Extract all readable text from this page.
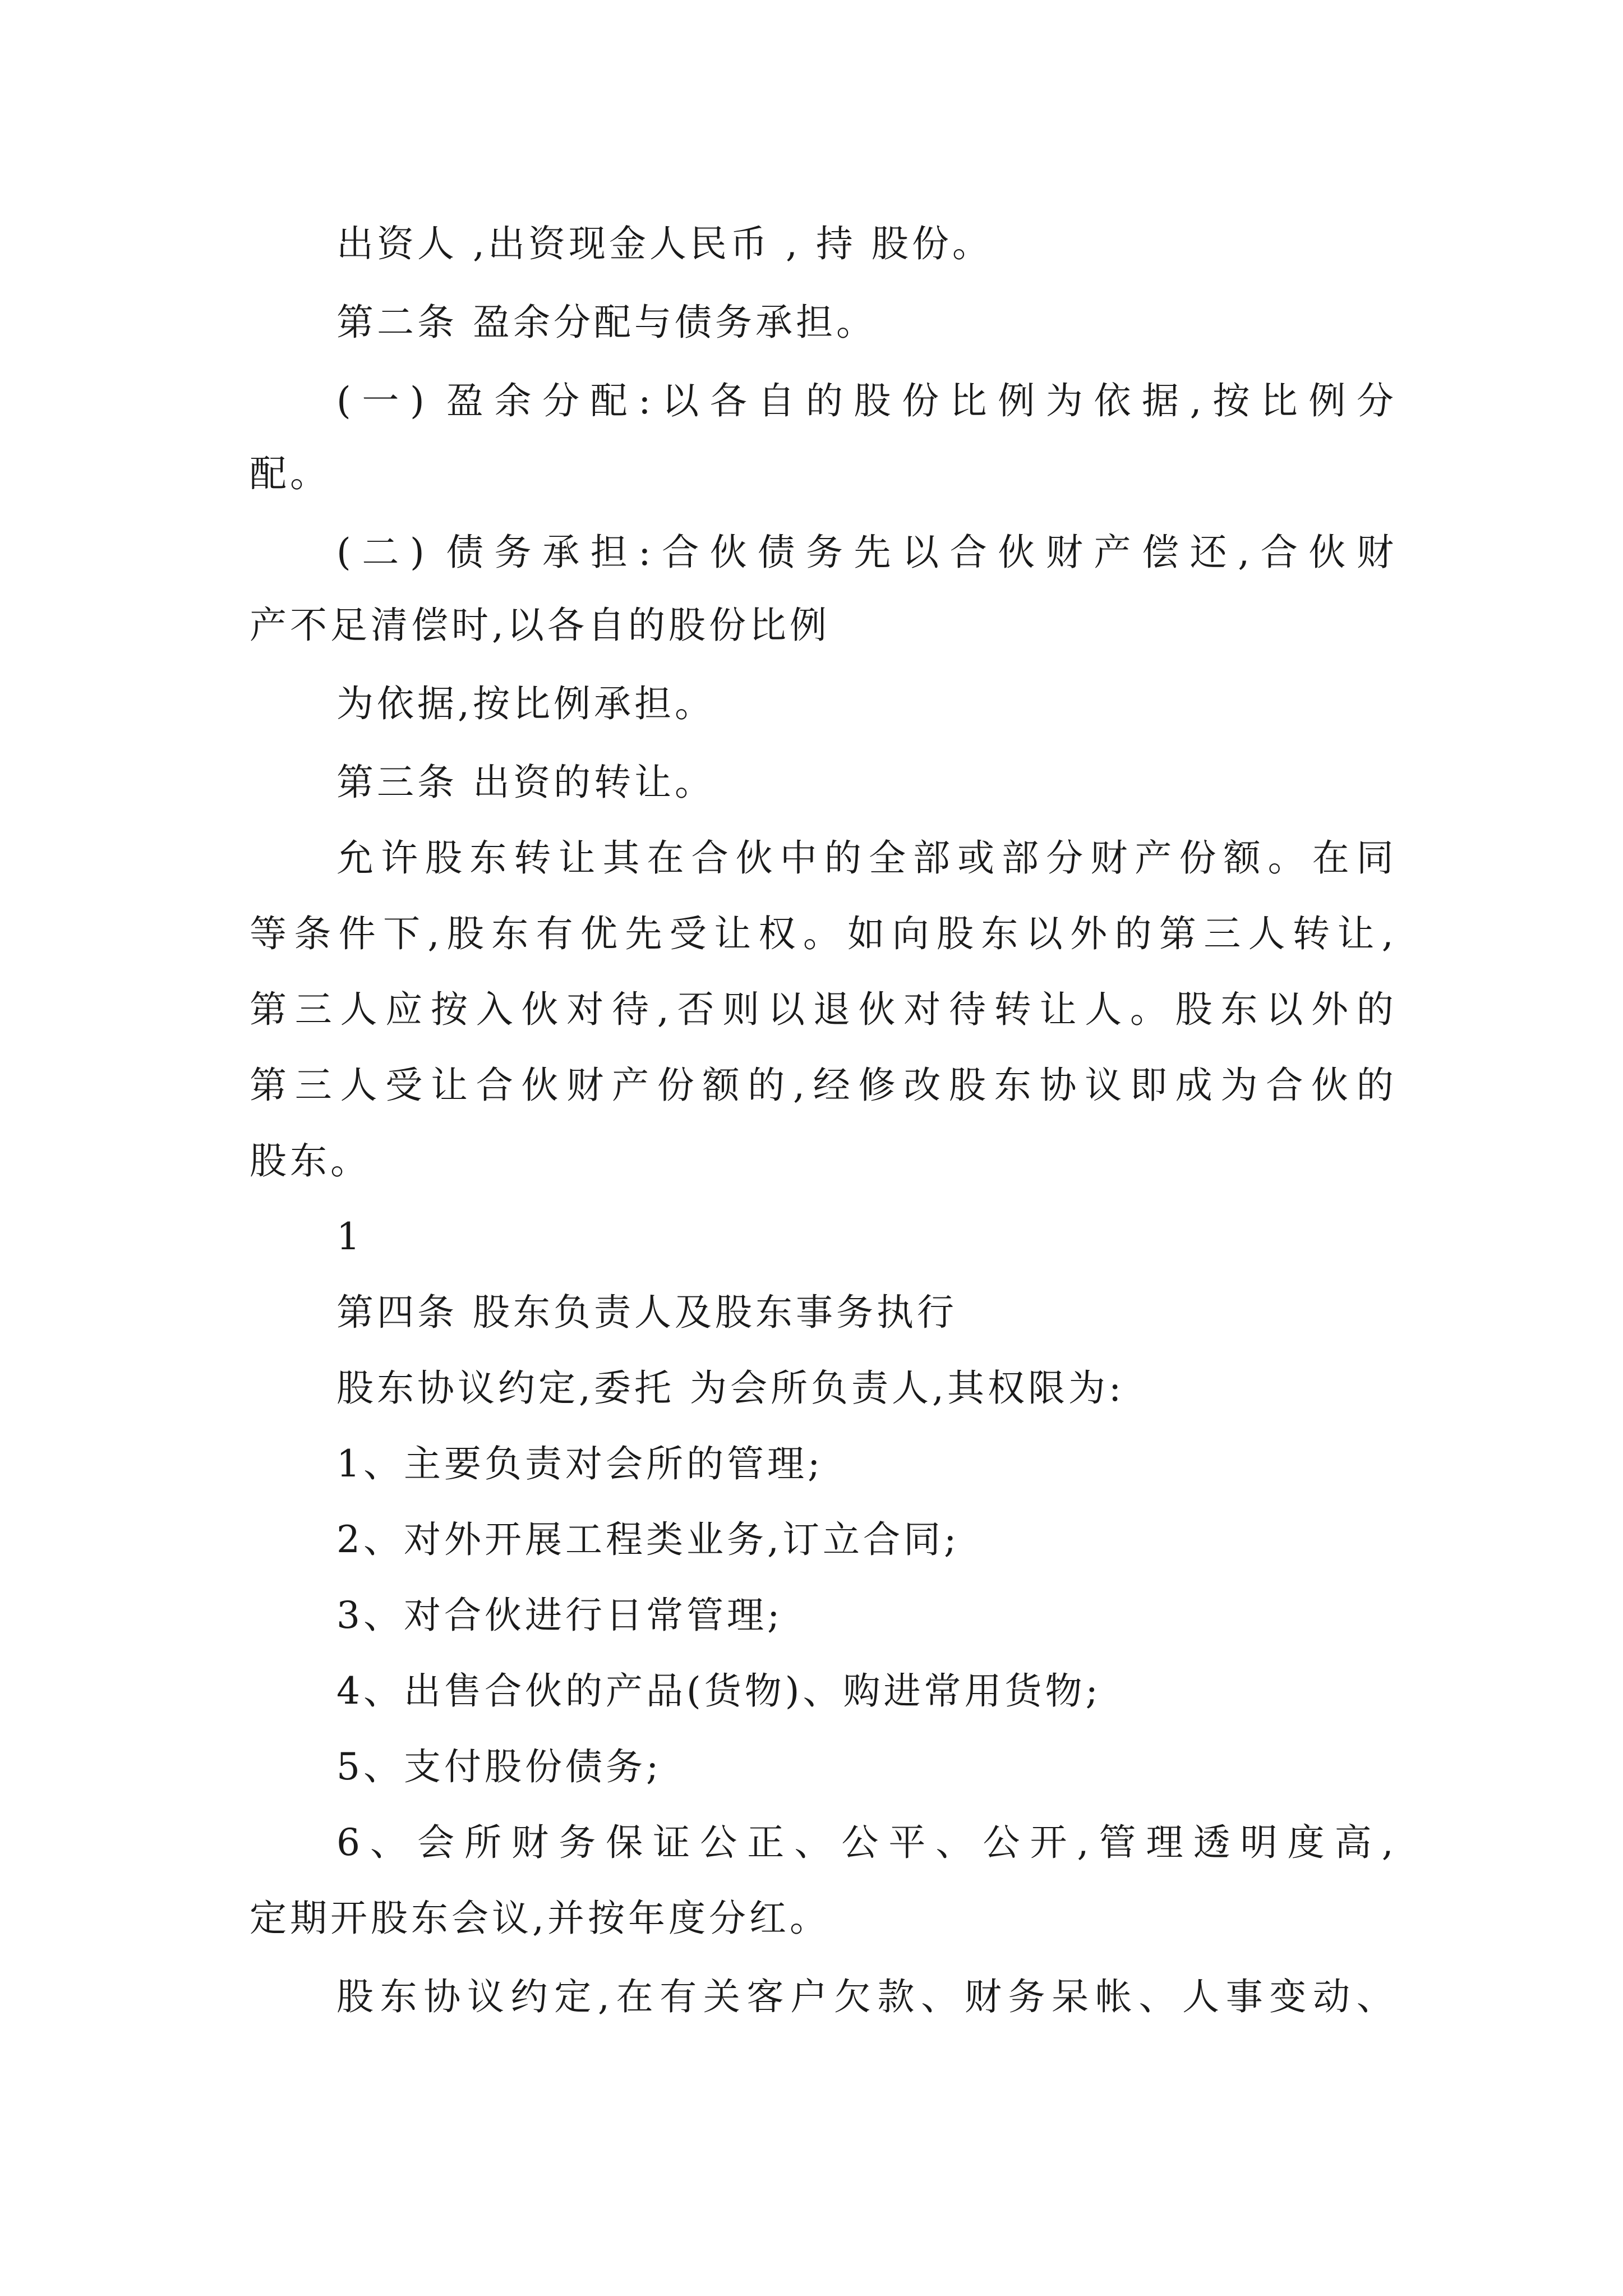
出资人 ,出资现金人民币 , 持 股份。
第二条 盈余分配与债务承担。
( 一 ) 盈 余 分 配 : 以 各 自 的 股 份 比 例 为 依 据 , 按 比 例 分
配。
( 二 ) 债 务 承 担 : 合 伙 债 务 先 以 合 伙 财 产 偿 还 , 合 伙 财
产不足清偿时,以各自的股份比例
为依据,按比例承担。
第三条 出资的转让。
允 许 股 东 转 让 其 在 合 伙 中 的 全 部 或 部 分 财 产 份 额 。 在 同
等 条 件 下 , 股 东 有 优 先 受 让 权 。 如 向 股 东 以 外 的 第 三 人 转 让 ,
第 三 人 应 按 入 伙 对 待 , 否 则 以 退 伙 对 待 转 让 人 。 股 东 以 外 的
第 三 人 受 让 合 伙 财 产 份 额 的 , 经 修 改 股 东 协 议 即 成 为 合 伙 的
股东。
1
第四条 股东负责人及股东事务执行
股东协议约定,委托 为会所负责人,其权限为:
1、主要负责对会所的管理;
2、对外开展工程类业务,订立合同;
3、对合伙进行日常管理;
4、出售合伙的产品(货物)、购进常用货物;
5、支付股份债务;
6 、 会 所 财 务 保 证 公 正 、 公 平 、 公 开 , 管 理 透 明 度 高 ,
定期开股东会议,并按年度分红。
股 东 协 议 约 定 , 在 有 关 客 户 欠 款 、 财 务 呆 帐 、 人 事 变 动 、
